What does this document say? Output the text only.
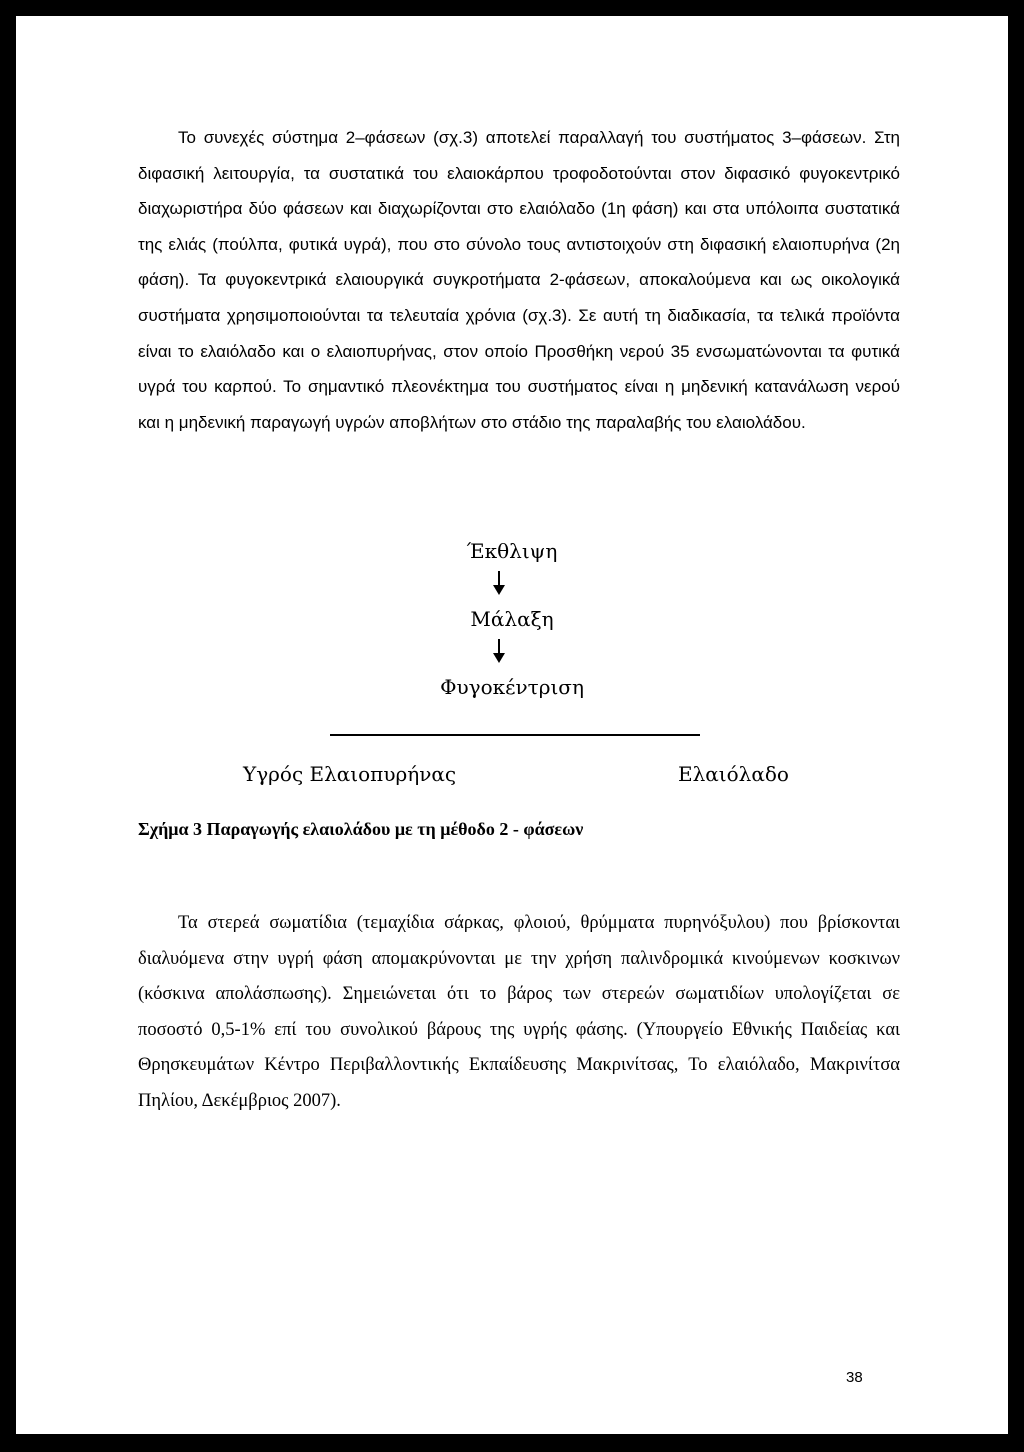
Το συνεχές σύστημα 2–φάσεων (σχ.3) αποτελεί παραλλαγή του συστήματος 3–φάσεων. Στη διφασική λειτουργία, τα συστατικά του ελαιοκάρπου τροφοδοτούνται στον διφασικό φυγοκεντρικό διαχωριστήρα δύο φάσεων και διαχωρίζονται στο ελαιόλαδο (1η φάση) και στα υπόλοιπα συστατικά της ελιάς (πούλπα, φυτικά υγρά), που στο σύνολο τους αντιστοιχούν στη διφασική ελαιοπυρήνα (2η φάση). Τα φυγοκεντρικά ελαιουργικά συγκροτήματα 2-φάσεων, αποκαλούμενα και ως οικολογικά συστήματα χρησιμοποιούνται τα τελευταία χρόνια (σχ.3). Σε αυτή τη διαδικασία, τα τελικά προϊόντα είναι το ελαιόλαδο και ο ελαιοπυρήνας, στον οποίο Προσθήκη νερού 35 ενσωματώνονται τα φυτικά υγρά του καρπού. Το σημαντικό πλεονέκτημα του συστήματος είναι η μηδενική κατανάλωση νερού και η μηδενική παραγωγή υγρών αποβλήτων στο στάδιο της παραλαβής του ελαιολάδου.

Έκθλιψη
Μάλαξη
Φυγοκέντριση
Υγρός Ελαιοπυρήνας	Ελαιόλαδο
Σχήμα 3 Παραγωγής ελαιολάδου με τη μέθοδο 2 - φάσεων

Τα στερεά σωματίδια (τεμαχίδια σάρκας, φλοιού, θρύμματα πυρηνόξυλου) που βρίσκονται διαλυόμενα στην υγρή φάση απομακρύνονται με την χρήση παλινδρομικά κινούμενων κοσκινων (κόσκινα απολάσπωσης). Σημειώνεται ότι το βάρος των στερεών σωματιδίων υπολογίζεται σε ποσοστό 0,5-1% επί του συνολικού βάρους της υγρής φάσης. (Υπουργείο Εθνικής Παιδείας και Θρησκευμάτων Κέντρο Περιβαλλοντικής Εκπαίδευσης Μακρινίτσας, Το ελαιόλαδο, Μακρινίτσα Πηλίου, Δεκέμβριος 2007).

38
